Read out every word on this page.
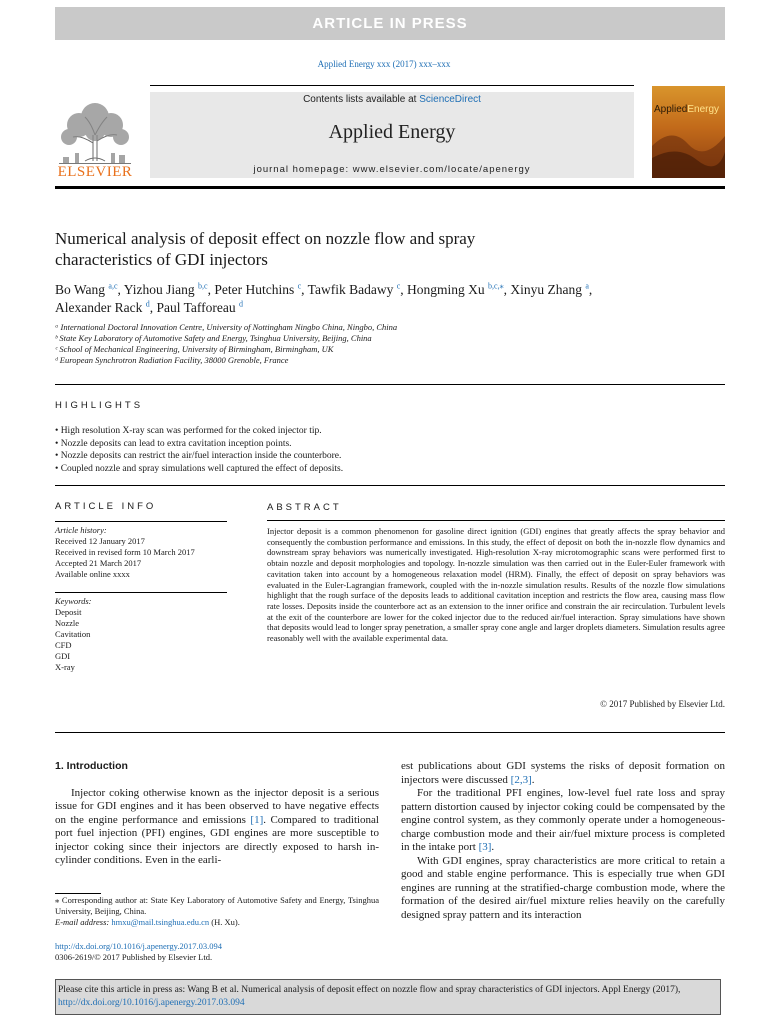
ARTICLE IN PRESS
Applied Energy xxx (2017) xxx–xxx
ELSEVIER
Contents lists available at ScienceDirect
Applied Energy
journal homepage: www.elsevier.com/locate/apenergy
AppliedEnergy
Numerical analysis of deposit effect on nozzle flow and spray
characteristics of GDI injectors
Bo Wang $^{a,c}$, Yizhou Jiang $^{b,c}$, Peter Hutchins $^c$, Tawfik Badawy $^c$, Hongming Xu $^{b,c,⁎}$, Xinyu Zhang $^a$,
Alexander Rack $^d$, Paul Tafforeau $^d$
ᵃ International Doctoral Innovation Centre, University of Nottingham Ningbo China, Ningbo, China
ᵇ State Key Laboratory of Automotive Safety and Energy, Tsinghua University, Beijing, China
ᶜ School of Mechanical Engineering, University of Birmingham, Birmingham, UK
ᵈ European Synchrotron Radiation Facility, 38000 Grenoble, France
HIGHLIGHTS
• High resolution X-ray scan was performed for the coked injector tip.
• Nozzle deposits can lead to extra cavitation inception points.
• Nozzle deposits can restrict the air/fuel interaction inside the counterbore.
• Coupled nozzle and spray simulations well captured the effect of deposits.
ARTICLE INFO	ABSTRACT
Article history:
Received 12 January 2017
Received in revised form 10 March 2017
Accepted 21 March 2017
Available online xxxx
Keywords:
Deposit
Nozzle
Cavitation
CFD
GDI
X-ray
Injector deposit is a common phenomenon for gasoline direct ignition (GDI) engines that greatly affects the spray behavior and consequently the combustion performance and emissions. In this study, the effect of deposit on both the in-nozzle flow dynamics and downstream spray behaviors was numerically investigated. High-resolution X-ray microtomographic scans were performed first to obtain nozzle and deposit morphologies and topology. In-nozzle simulation was then carried out in the Euler-Euler framework with cavitation taken into account by a homogeneous relaxation model (HRM). Finally, the effect of deposit on spray behaviors was evaluated in the Euler-Lagrangian framework, coupled with the in-nozzle simulation results. Results of the nozzle flow simulations highlight that the rough surface of the deposits leads to additional cavitation inception and restricts the flow area, causing mass flow rate losses. Deposits inside the counterbore act as an extension to the inner orifice and constrain the air recirculation. Turbulent levels at the exit of the counterbore are lower for the coked injector due to the reduced air/fuel interaction. Spray simulations have shown that deposits would lead to longer spray penetration, a smaller spray cone angle and larger droplets diameters. Simulation results agree reasonably well with the available experimental data.
© 2017 Published by Elsevier Ltd.
1. Introduction

Injector coking otherwise known as the injector deposit is a serious issue for GDI engines and it has been observed to have negative effects on the engine performance and emissions [1]. Compared to traditional port fuel injection (PFI) engines, GDI engines are more susceptible to injector coking since their injectors are directly exposed to harsh in-cylinder conditions. Even in the earli-

est publications about GDI systems the risks of deposit formation on injectors were discussed [2,3].

For the traditional PFI engines, low-level fuel rate loss and spray pattern distortion caused by injector coking could be compensated by the engine control system, as they commonly operate under a homogeneous-charge combustion mode and their air/fuel mixture process is completed in the intake port [3].

With GDI engines, spray characteristics are more critical to retain a good and stable engine performance. This is especially true when GDI engines are running at the stratified-charge combustion mode, where the formation of the desired air/fuel mixture relies heavily on the carefully designed spray pattern and its interaction

⁎ Corresponding author at: State Key Laboratory of Automotive Safety and Energy, Tsinghua University, Beijing, China.
E-mail address: hmxu@mail.tsinghua.edu.cn (H. Xu).
http://dx.doi.org/10.1016/j.apenergy.2017.03.094
0306-2619/© 2017 Published by Elsevier Ltd.
Please cite this article in press as: Wang B et al. Numerical analysis of deposit effect on nozzle flow and spray characteristics of GDI injectors. Appl Energy (2017), http://dx.doi.org/10.1016/j.apenergy.2017.03.094
